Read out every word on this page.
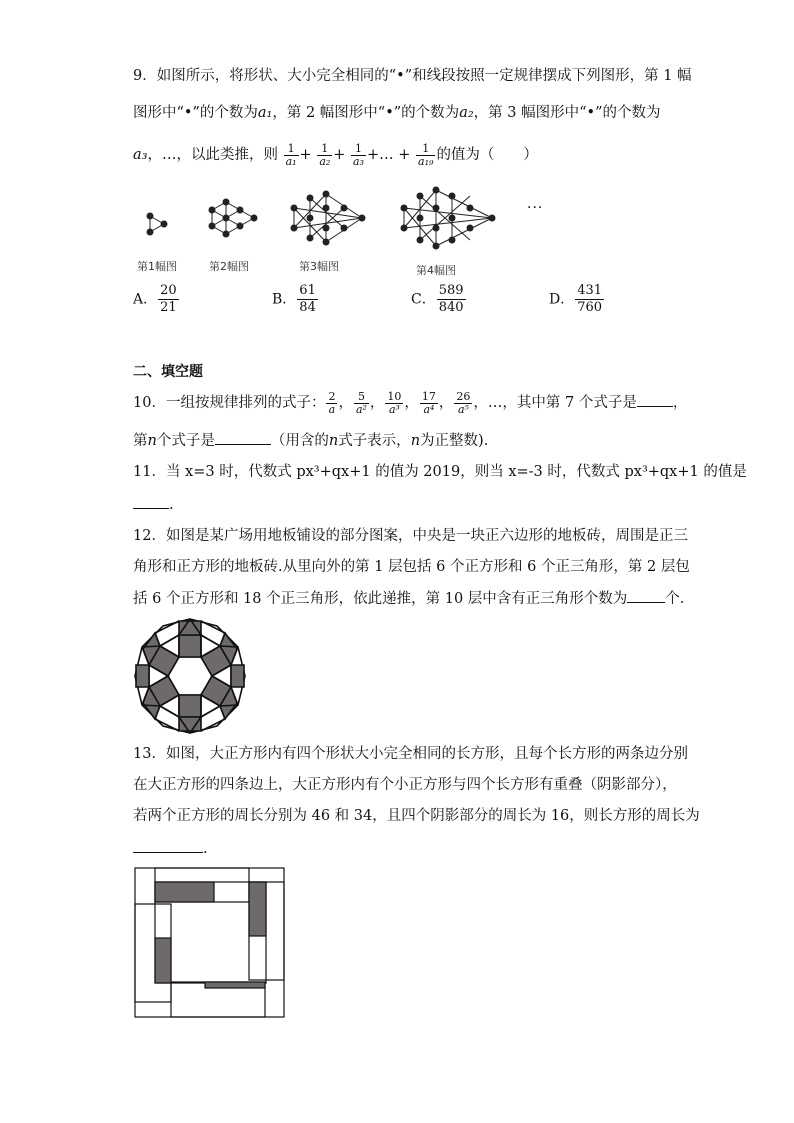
9．如图所示，将形状、大小完全相同的“•”和线段按照一定规律摆成下列图形，第 1 幅
图形中“•”的个数为a₁，第 2 幅图形中“•”的个数为a₂，第 3 幅图形中“•”的个数为
a₃，…，以此类推，则 $\frac{1}{\text{a₁}} + \frac{1}{\text{a₂}} + \frac{1}{\text{a₃}}$ +… + $\frac{1}{\text{a₁₉}}$ 的值为（　　）
第1幅图	第2幅图	第3幅图	第4幅图
···
A． $\frac{20}{21}$	B． $\frac{61}{84}$	C． $\frac{589}{840}$	D． $\frac{431}{760}$
二、填空题
10．一组按规律排列的式子： $\frac{2}{a}$ ， $\frac{5}{\text{a²}}$ ， $\frac{10}{\text{a³}}$ ， $\frac{17}{\text{a⁴}}$ ， $\frac{26}{\text{a⁵}}$ ，…，其中第 7 个式子是 ，
第n个式子是	（用含的n式子表示，n为正整数).
11．当 x=3 时，代数式 px³+qx+1 的值为 2019，则当 x=-3 时，代数式 px³+qx+1 的值是
.
12．如图是某广场用地板铺设的部分图案，中央是一块正六边形的地板砖，周围是正三
角形和正方形的地板砖.从里向外的第 1 层包括 6 个正方形和 6 个正三角形，第 2 层包
括 6 个正方形和 18 个正三角形，依此递推，第 10 层中含有正三角形个数为	个.
13．如图，大正方形内有四个形状大小完全相同的长方形，且每个长方形的两条边分别
在大正方形的四条边上，大正方形内有个小正方形与四个长方形有重叠（阴影部分），
若两个正方形的周长分别为 46 和 34，且四个阴影部分的周长为 16，则长方形的周长为
.
